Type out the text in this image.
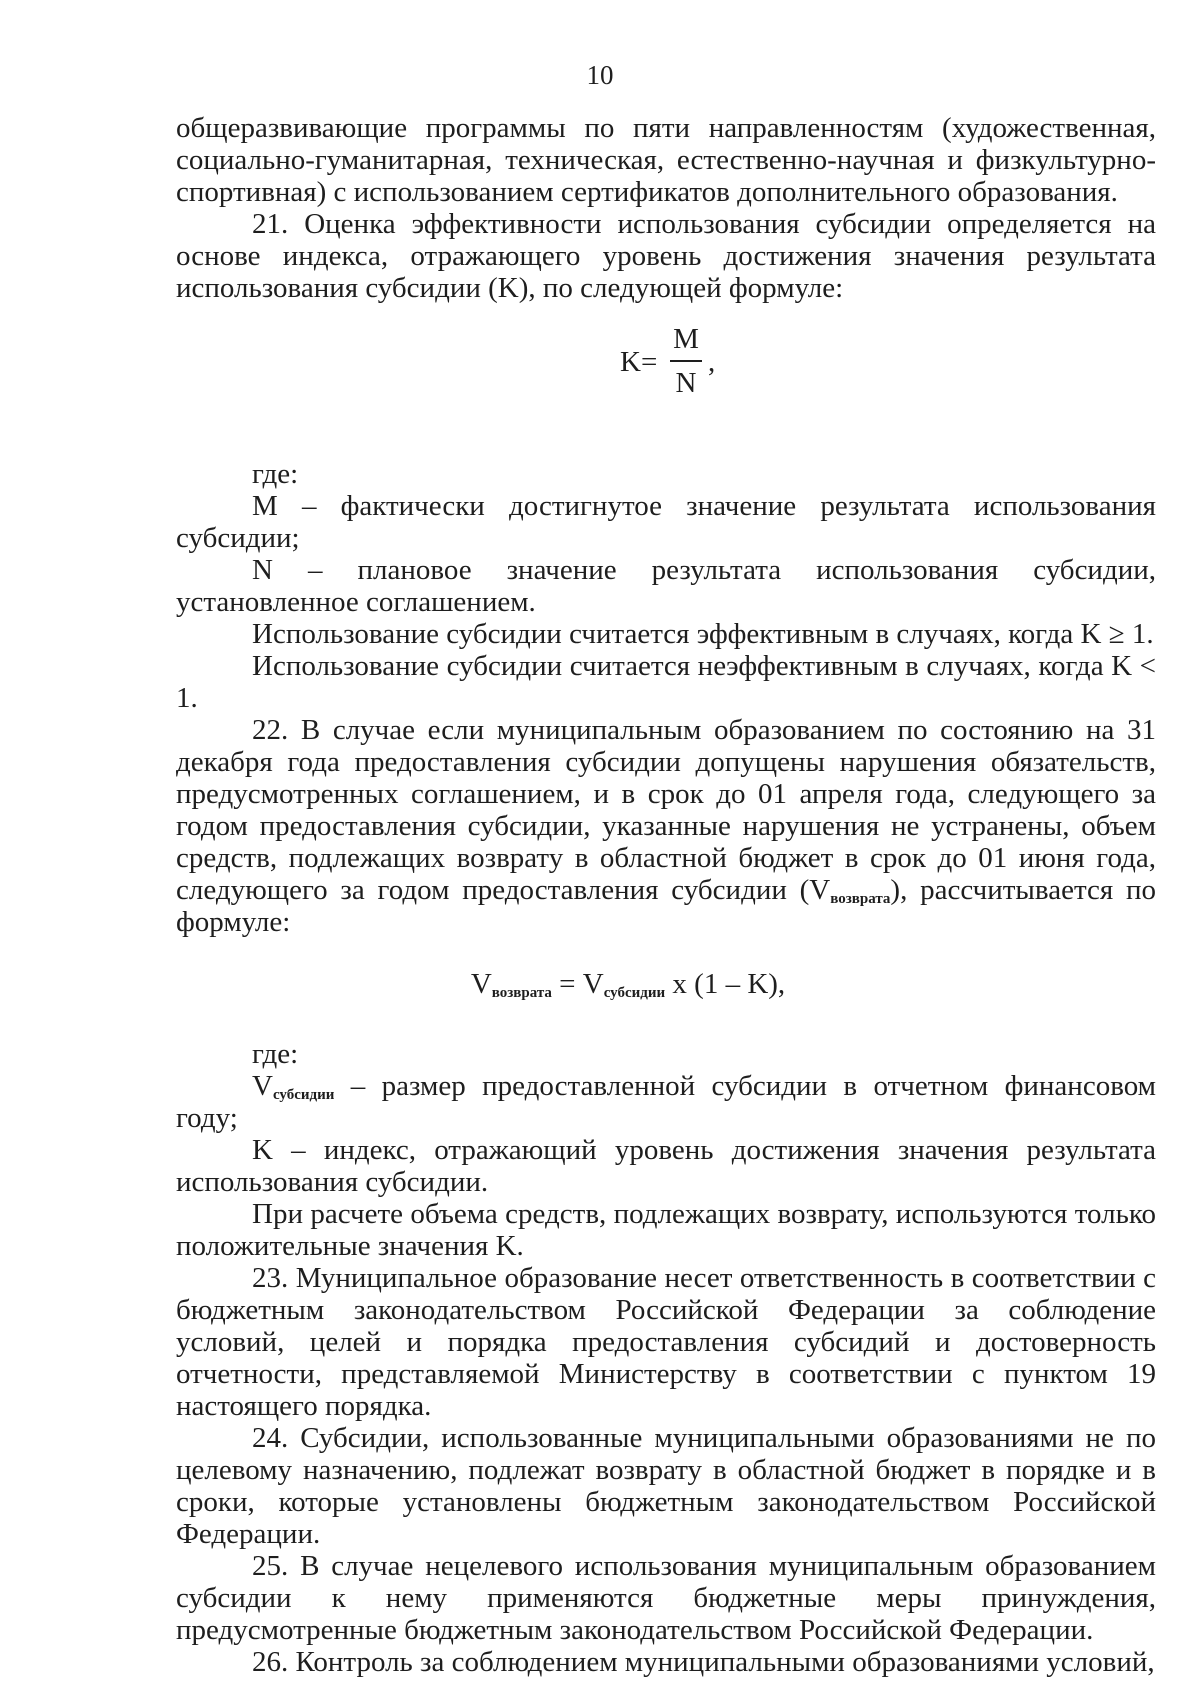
10

общеразвивающие программы по пяти направленностям (художественная, социально-гуманитарная, техническая, естественно-научная и физкультурно-спортивная) с использованием сертификатов дополнительного образования.

21. Оценка эффективности использования субсидии определяется на основе индекса, отражающего уровень достижения значения результата использования субсидии (K), по следующей формуле:

K=
M
N
,

где:

M – фактически достигнутое значение результата использования субсидии;

N – плановое значение результата использования субсидии, установленное соглашением.

Использование субсидии считается эффективным в случаях, когда K ≥ 1.

Использование субсидии считается неэффективным в случаях, когда K < 1.

22. В случае если муниципальным образованием по состоянию на 31 декабря года предоставления субсидии допущены нарушения обязательств, предусмотренных соглашением, и в срок до 01 апреля года, следующего за годом предоставления субсидии, указанные нарушения не устранены, объем средств, подлежащих возврату в областной бюджет в срок до 01 июня года, следующего за годом предоставления субсидии $(V_{возврата})$, рассчитывается по формуле:

$V_{возврата} = V_{субсидии}$ x (1 – K),

где:

$V_{субсидии}$ – размер предоставленной субсидии в отчетном финансовом году;

K – индекс, отражающий уровень достижения значения результата использования субсидии.

При расчете объема средств, подлежащих возврату, используются только положительные значения K.

23. Муниципальное образование несет ответственность в соответствии с бюджетным законодательством Российской Федерации за соблюдение условий, целей и порядка предоставления субсидий и достоверность отчетности, представляемой Министерству в соответствии с пунктом 19 настоящего порядка.

24. Субсидии, использованные муниципальными образованиями не по целевому назначению, подлежат возврату в областной бюджет в порядке и в сроки, которые установлены бюджетным законодательством Российской Федерации.

25. В случае нецелевого использования муниципальным образованием субсидии к нему применяются бюджетные меры принуждения, предусмотренные бюджетным законодательством Российской Федерации.

26. Контроль за соблюдением муниципальными образованиями условий,
